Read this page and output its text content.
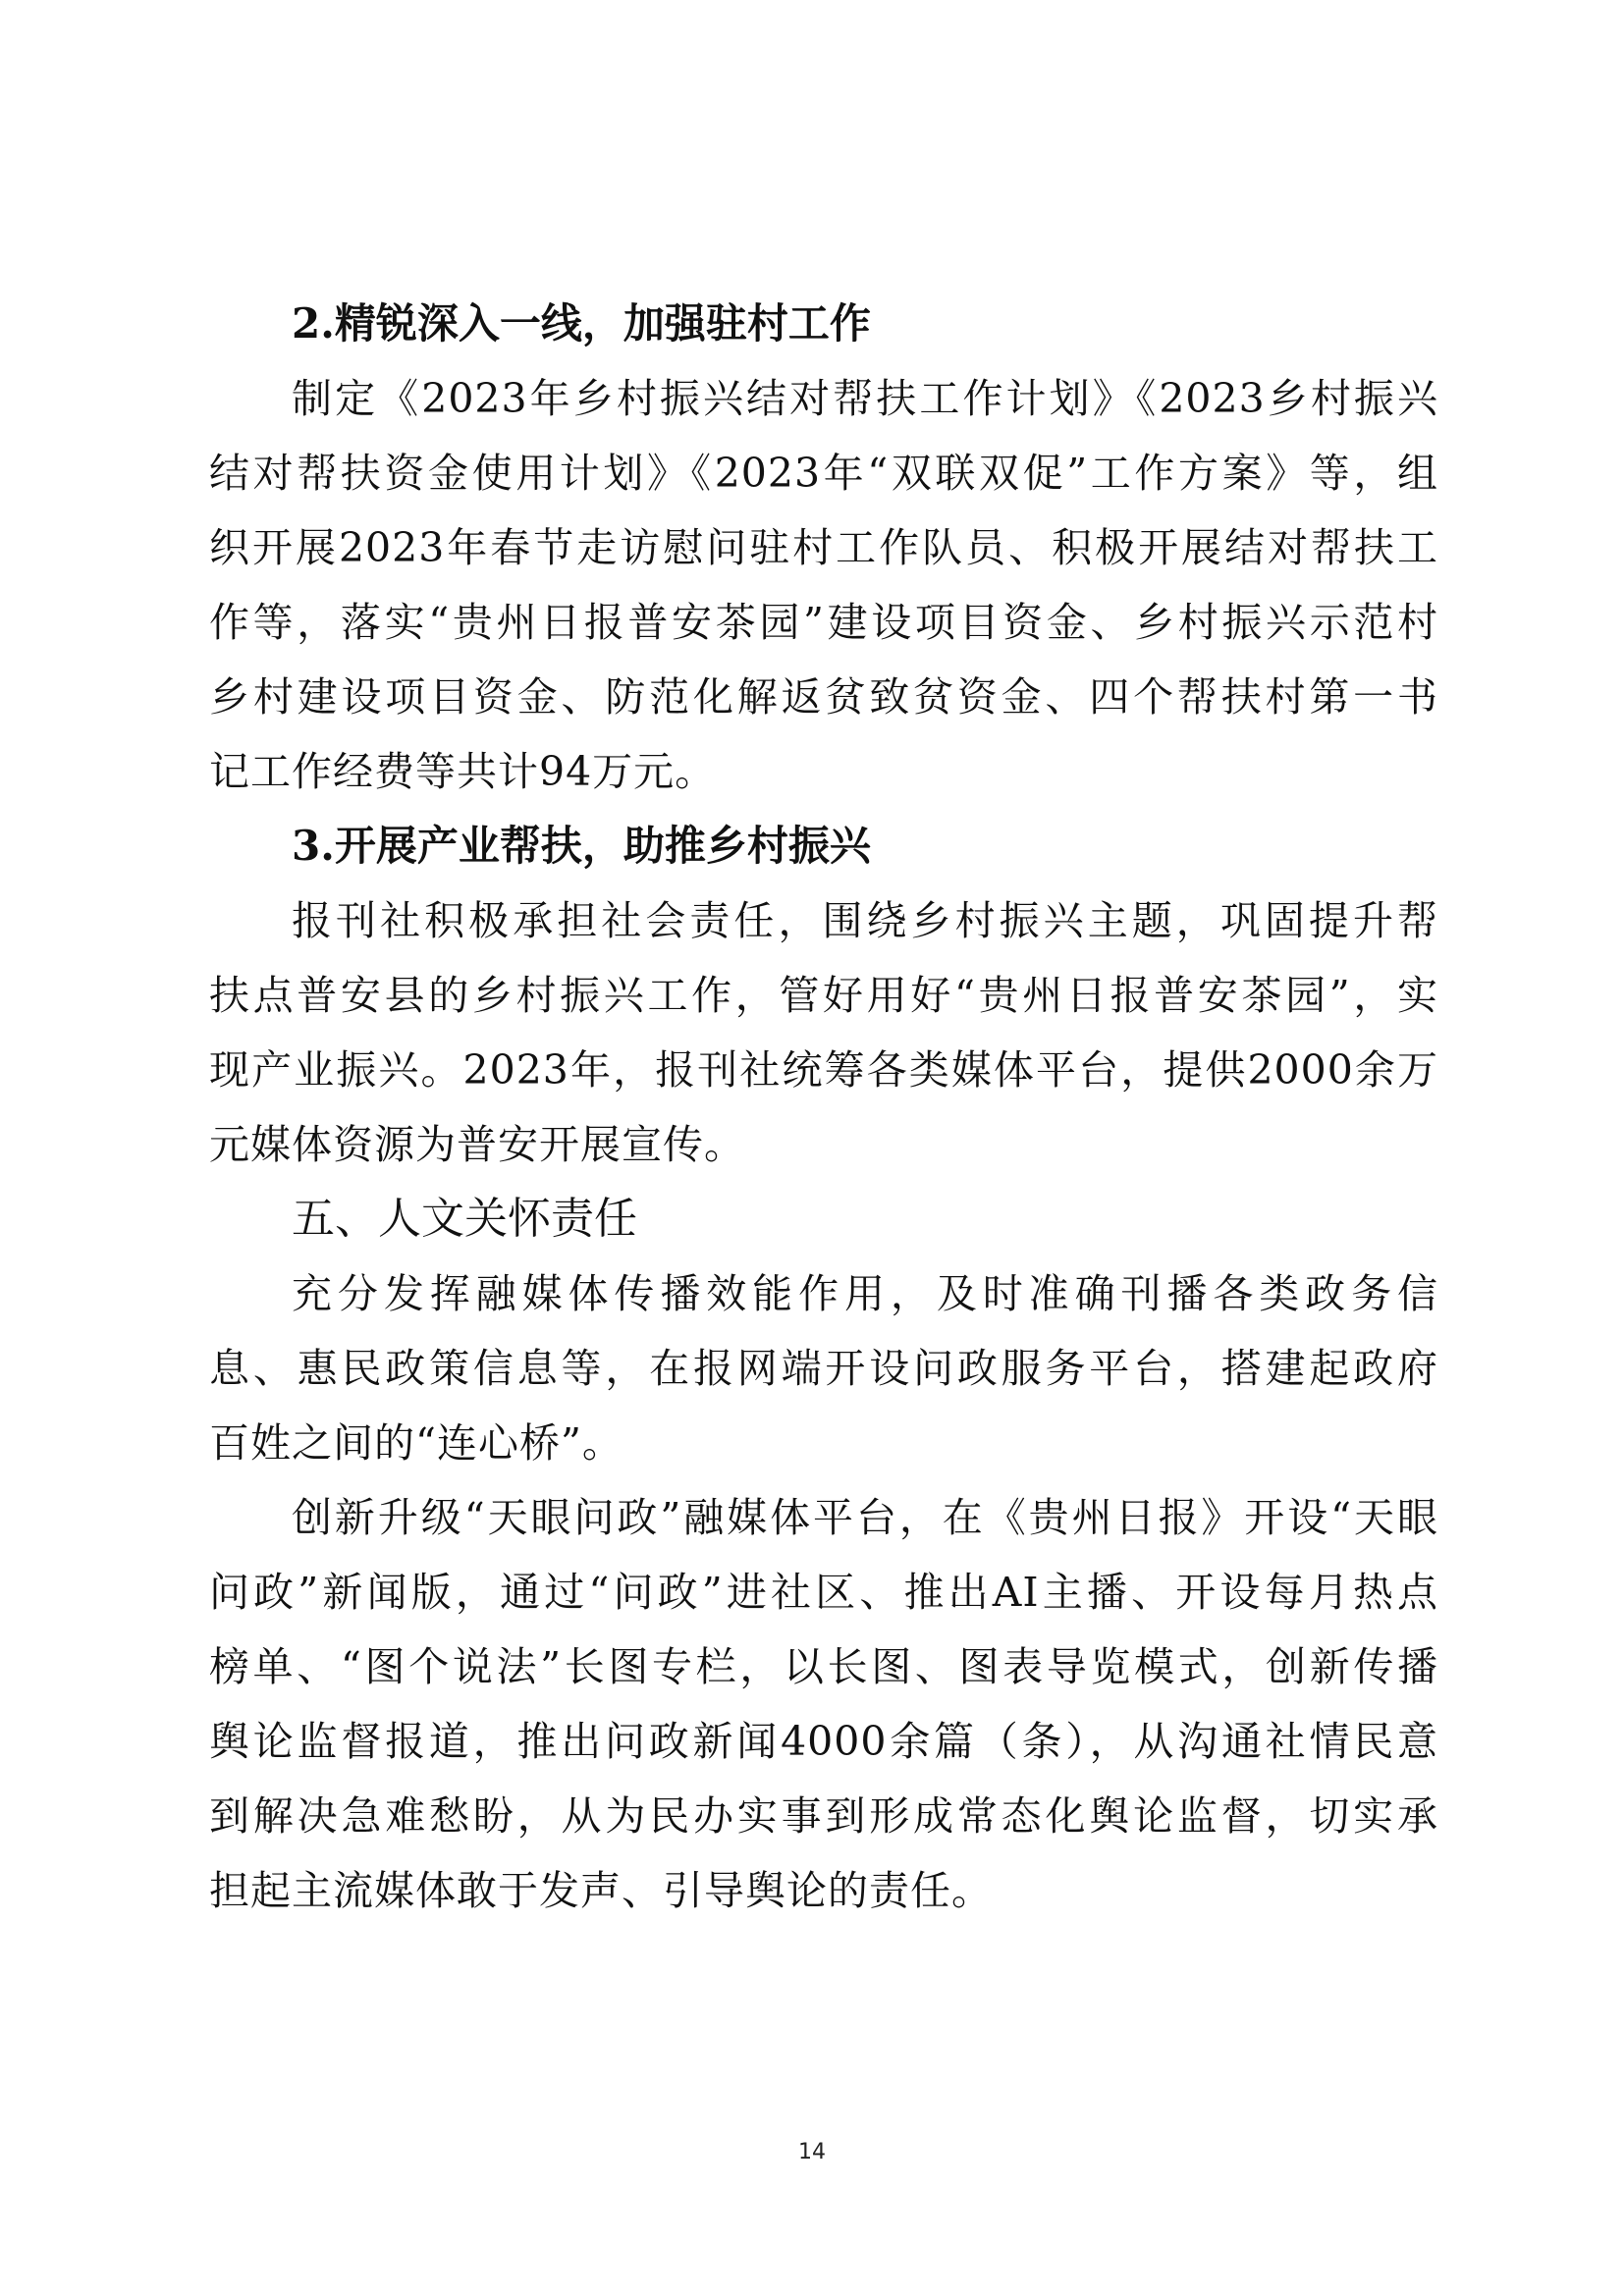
2.精锐深入一线，加强驻村工作

制定《2023年乡村振兴结对帮扶工作计划》《2023乡村振兴
结对帮扶资金使用计划》《2023年“双联双促”工作方案》等，组
织开展2023年春节走访慰问驻村工作队员、积极开展结对帮扶工
作等，落实“贵州日报普安茶园”建设项目资金、乡村振兴示范村
乡村建设项目资金、防范化解返贫致贫资金、四个帮扶村第一书
记工作经费等共计94万元。

3.开展产业帮扶，助推乡村振兴

报刊社积极承担社会责任，围绕乡村振兴主题，巩固提升帮
扶点普安县的乡村振兴工作，管好用好“贵州日报普安茶园”，实
现产业振兴。2023年，报刊社统筹各类媒体平台，提供2000余万
元媒体资源为普安开展宣传。

五、人文关怀责任

充分发挥融媒体传播效能作用，及时准确刊播各类政务信
息、惠民政策信息等，在报网端开设问政服务平台，搭建起政府
百姓之间的“连心桥”。
创新升级“天眼问政”融媒体平台，在《贵州日报》开设“天眼
问政”新闻版，通过“问政”进社区、推出AI主播、开设每月热点
榜单、“图个说法”长图专栏，以长图、图表导览模式，创新传播
舆论监督报道，推出问政新闻4000余篇（条），从沟通社情民意
到解决急难愁盼，从为民办实事到形成常态化舆论监督，切实承
担起主流媒体敢于发声、引导舆论的责任。
14
